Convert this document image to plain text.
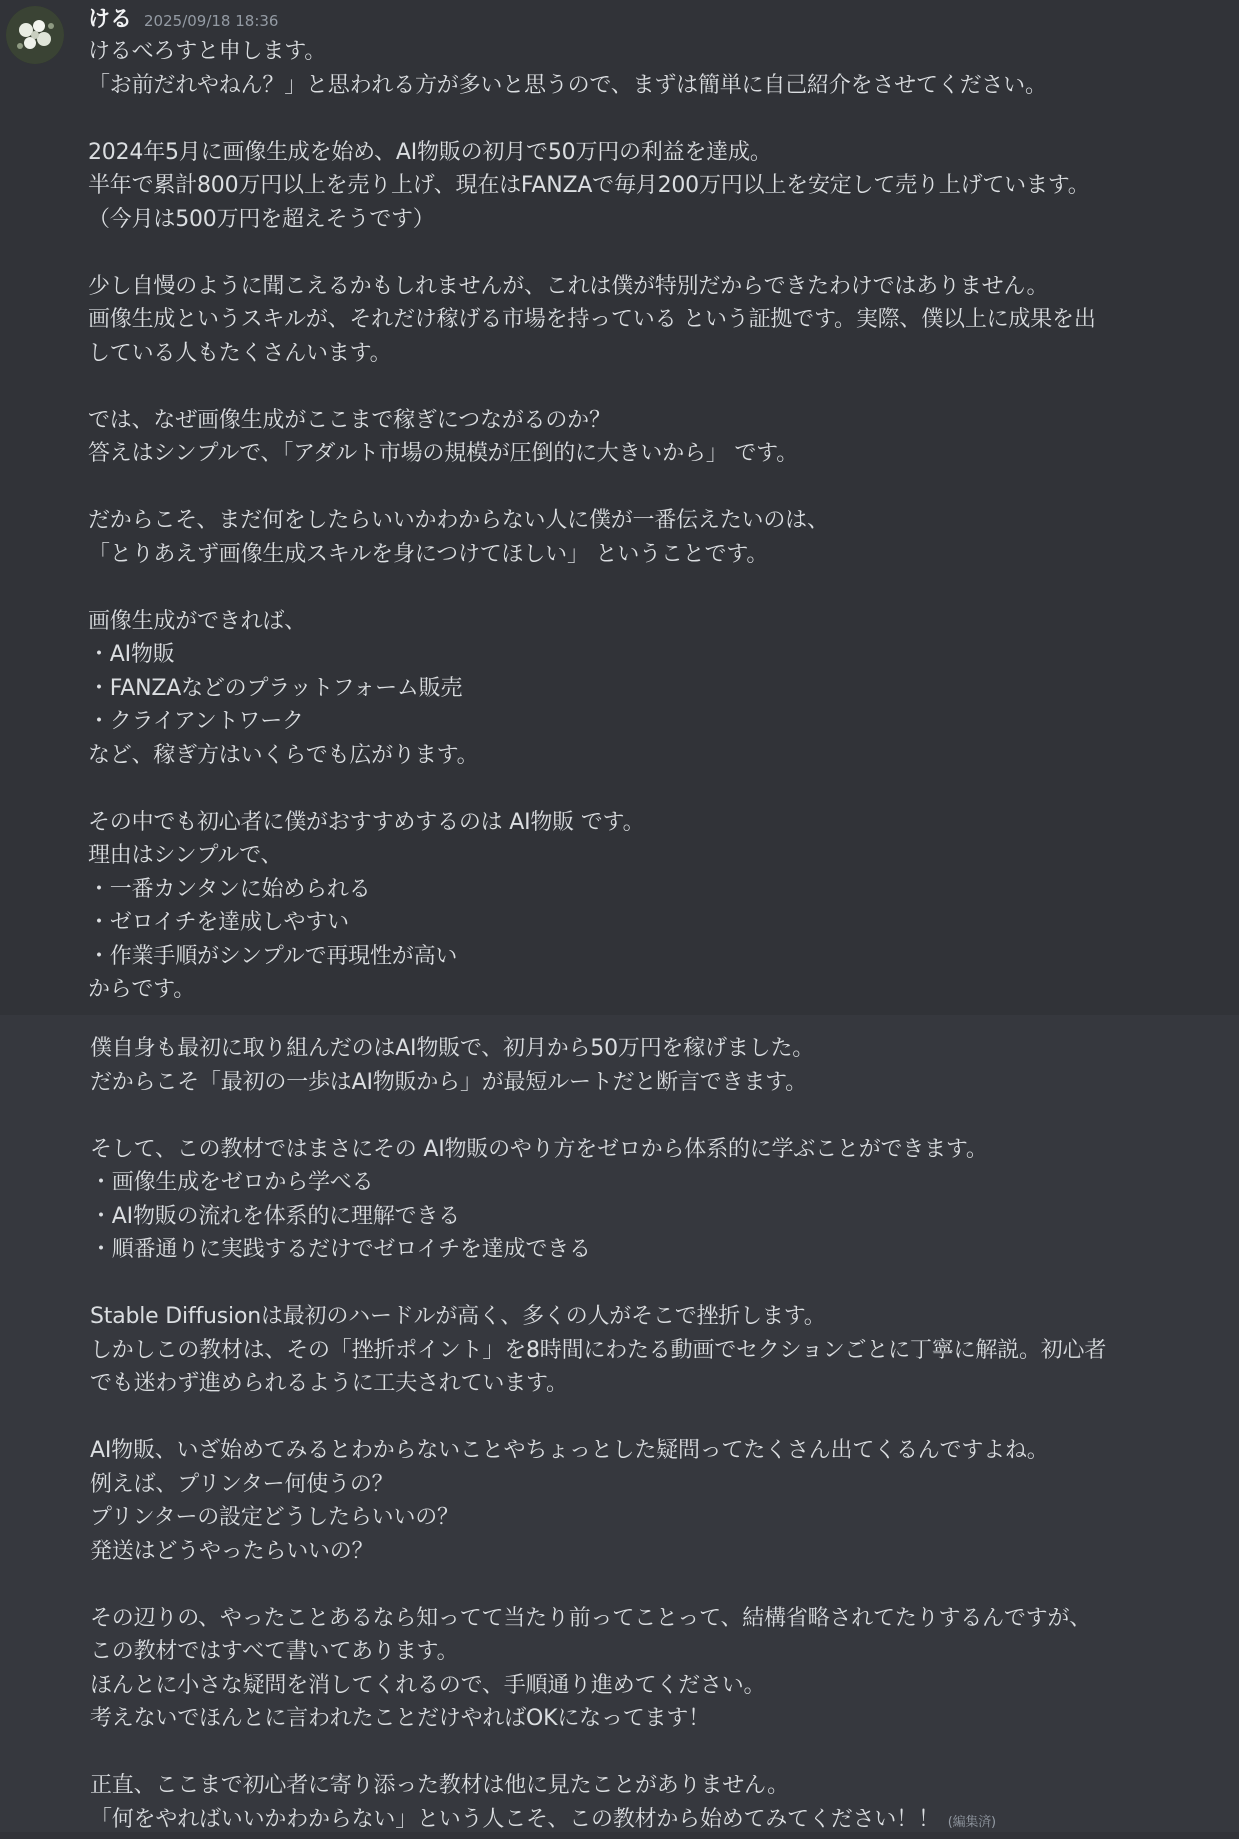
ける 2025/09/18 18:36
けるべろすと申します。
「お前だれやねん？」と思われる方が多いと思うので、まずは簡単に自己紹介をさせてください。
2024年5月に画像生成を始め、AI物販の初月で50万円の利益を達成。
半年で累計800万円以上を売り上げ、現在はFANZAで毎月200万円以上を安定して売り上げています。
（今月は500万円を超えそうです）
少し自慢のように聞こえるかもしれませんが、これは僕が特別だからできたわけではありません。
画像生成というスキルが、それだけ稼げる市場を持っている という証拠です。実際、僕以上に成果を出
している人もたくさんいます。
では、なぜ画像生成がここまで稼ぎにつながるのか？
答えはシンプルで、「アダルト市場の規模が圧倒的に大きいから」 です。
だからこそ、まだ何をしたらいいかわからない人に僕が一番伝えたいのは、
「とりあえず画像生成スキルを身につけてほしい」 ということです。
画像生成ができれば、
・AI物販
・FANZAなどのプラットフォーム販売
・クライアントワーク
など、稼ぎ方はいくらでも広がります。
その中でも初心者に僕がおすすめするのは AI物販 です。
理由はシンプルで、
・一番カンタンに始められる
・ゼロイチを達成しやすい
・作業手順がシンプルで再現性が高い
からです。
僕自身も最初に取り組んだのはAI物販で、初月から50万円を稼げました。
だからこそ「最初の一歩はAI物販から」が最短ルートだと断言できます。
そして、この教材ではまさにその AI物販のやり方をゼロから体系的に学ぶことができます。
・画像生成をゼロから学べる
・AI物販の流れを体系的に理解できる
・順番通りに実践するだけでゼロイチを達成できる
Stable Diffusionは最初のハードルが高く、多くの人がそこで挫折します。
しかしこの教材は、その「挫折ポイント」を8時間にわたる動画でセクションごとに丁寧に解説。初心者
でも迷わず進められるように工夫されています。
AI物販、いざ始めてみるとわからないことやちょっとした疑問ってたくさん出てくるんですよね。
例えば、プリンター何使うの？
プリンターの設定どうしたらいいの？
発送はどうやったらいいの？
その辺りの、やったことあるなら知ってて当たり前ってことって、結構省略されてたりするんですが、
この教材ではすべて書いてあります。
ほんとに小さな疑問を消してくれるので、手順通り進めてください。
考えないでほんとに言われたことだけやればOKになってます！
正直、ここまで初心者に寄り添った教材は他に見たことがありません。
「何をやればいいかわからない」という人こそ、この教材から始めてみてください！！ (編集済)
